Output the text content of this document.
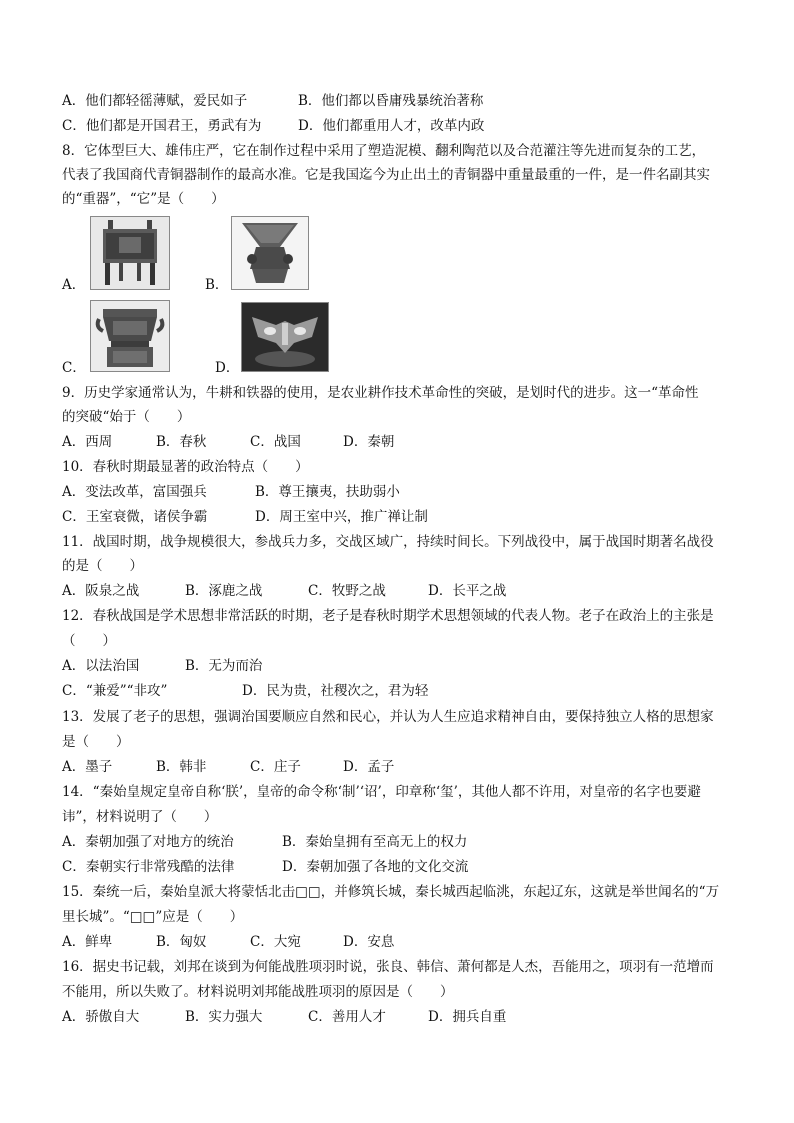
A．他们都轻徭薄赋，爱民如子	B．他们都以昏庸残暴统治著称
C．他们都是开国君王，勇武有为	D．他们都重用人才，改革内政
8．它体型巨大、雄伟庄严，它在制作过程中采用了塑造泥模、翻利陶范以及合范灌注等先进而复杂的工艺，
代表了我国商代青铜器制作的最高水准。它是我国迄今为止出土的青铜器中重量最重的一件，是一件名副其实
的“重器”，“它”是（　　）
A．	B．
C．	D．
9．历史学家通常认为，牛耕和铁器的使用，是农业耕作技术革命性的突破，是划时代的进步。这一“革命性
的突破“始于（　　）
A．西周	B．春秋	C．战国	D．秦朝
10．春秋时期最显著的政治特点（　　）
A．变法改革，富国强兵	B．尊王攘夷，扶助弱小
C．王室衰微，诸侯争霸	D．周王室中兴，推广禅让制
11．战国时期，战争规模很大，参战兵力多，交战区域广，持续时间长。下列战役中，属于战国时期著名战役
的是（　　）
A．阪泉之战	B．涿鹿之战	C．牧野之战	D．长平之战
12．春秋战国是学术思想非常活跃的时期，老子是春秋时期学术思想领域的代表人物。老子在政治上的主张是
（　　）
A．以法治国	B．无为而治
C．“兼爱”“非攻”	D．民为贵，社稷次之，君为轻
13．发展了老子的思想，强调治国要顺应自然和民心，并认为人生应追求精神自由，要保持独立人格的思想家
是（　　）
A．墨子	B．韩非	C．庄子	D．孟子
14．“秦始皇规定皇帝自称‘朕’，皇帝的命令称‘制’‘诏’，印章称‘玺’，其他人都不许用，对皇帝的名字也要避
讳”，材料说明了（　　）
A．秦朝加强了对地方的统治	B．秦始皇拥有至高无上的权力
C．秦朝实行非常残酷的法律	D．秦朝加强了各地的文化交流
15．秦统一后，秦始皇派大将蒙恬北击□□，并修筑长城，秦长城西起临洮，东起辽东，这就是举世闻名的“万
里长城”。“□□”应是（　　）
A．鲜卑	B．匈奴	C．大宛	D．安息
16．据史书记载，刘邦在谈到为何能战胜项羽时说，张良、韩信、萧何都是人杰，吾能用之，项羽有一范增而
不能用，所以失败了。材料说明刘邦能战胜项羽的原因是（　　）
A．骄傲自大	B．实力强大	C．善用人才	D．拥兵自重
